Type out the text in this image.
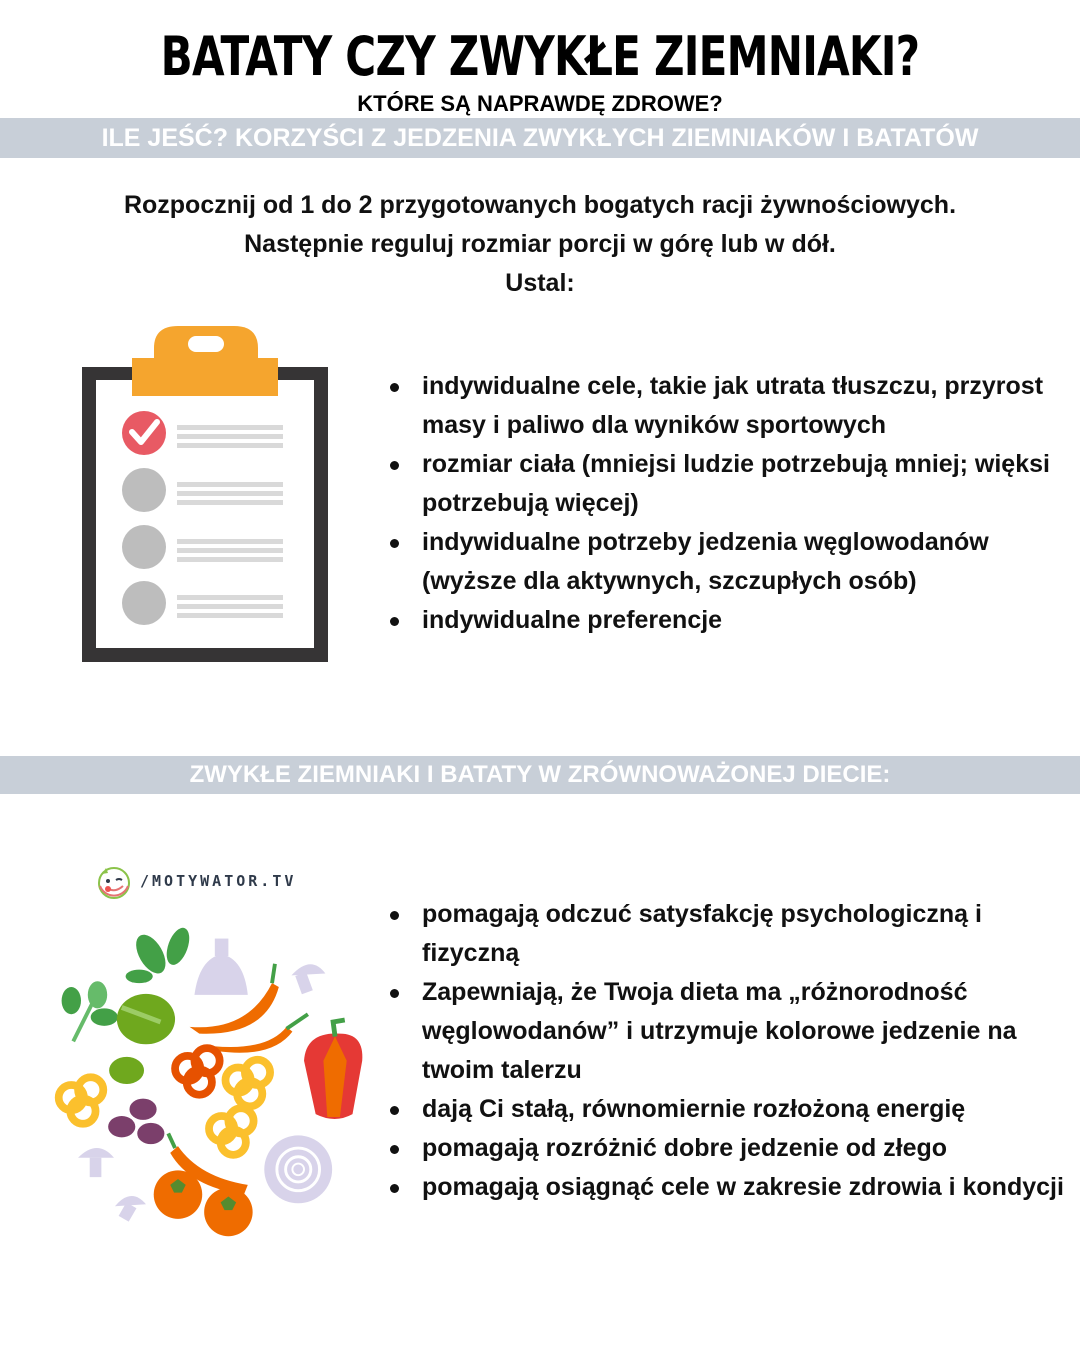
BATATY CZY ZWYKŁE ZIEMNIAKI?
KTÓRE SĄ NAPRAWDĘ ZDROWE?
ILE JEŚĆ? KORZYŚCI Z JEDZENIA ZWYKŁYCH ZIEMNIAKÓW I BATATÓW
Rozpocznij od 1 do 2 przygotowanych bogatych racji żywnościowych.
Następnie reguluj rozmiar porcji w górę lub w dół.
Ustal:
indywidualne cele, takie jak utrata tłuszczu, przyrost masy i paliwo dla wyników sportowych
rozmiar ciała (mniejsi ludzie potrzebują mniej; więksi potrzebują więcej)
indywidualne potrzeby jedzenia węglowodanów (wyższe dla aktywnych, szczupłych osób)
indywidualne preferencje
ZWYKŁE ZIEMNIAKI I BATATY W ZRÓWNOWAŻONEJ DIECIE:
/MOTYWATOR.TV
pomagają odczuć satysfakcję psychologiczną i fizyczną
Zapewniają, że Twoja dieta ma „różnorodność węglowodanów” i utrzymuje kolorowe jedzenie na twoim talerzu
dają Ci stałą, równomiernie rozłożoną energię
pomagają rozróżnić dobre jedzenie od złego
pomagają osiągnąć cele w zakresie zdrowia i kondycji
